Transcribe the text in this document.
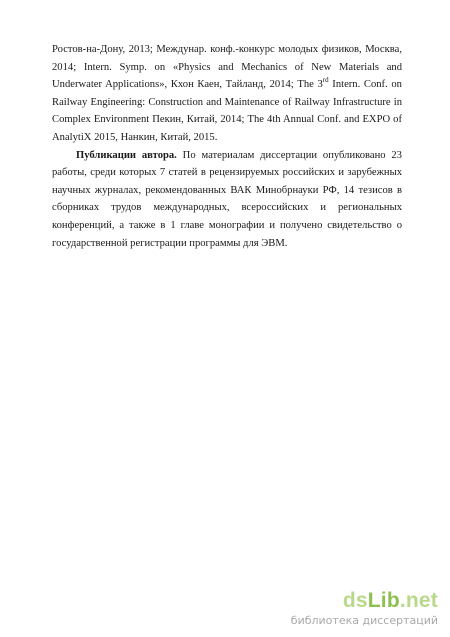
Ростов-на-Дону, 2013; Междунар. конф.-конкурс молодых физиков, Москва, 2014; Intern. Symp. on «Physics and Mechanics of New Materials and Underwater Applications», Кхон Каен, Тайланд, 2014; The 3rd Intern. Conf. on Railway Engineering: Construction and Maintenance of Railway Infrastructure in Complex Environment Пекин, Китай, 2014; The 4th Annual Conf. and EXPO of AnalytiX 2015, Нанкин, Китай, 2015.

Публикации автора. По материалам диссертации опубликовано 23 работы, среди которых 7 статей в рецензируемых российских и зарубежных научных журналах, рекомендованных ВАК Минобрнауки РФ, 14 тезисов в сборниках трудов международных, всероссийских и региональных конференций, а также в 1 главе монографии и получено свидетельство о государственной регистрации программы для ЭВМ.

dsLib.net
библиотека диссертаций
